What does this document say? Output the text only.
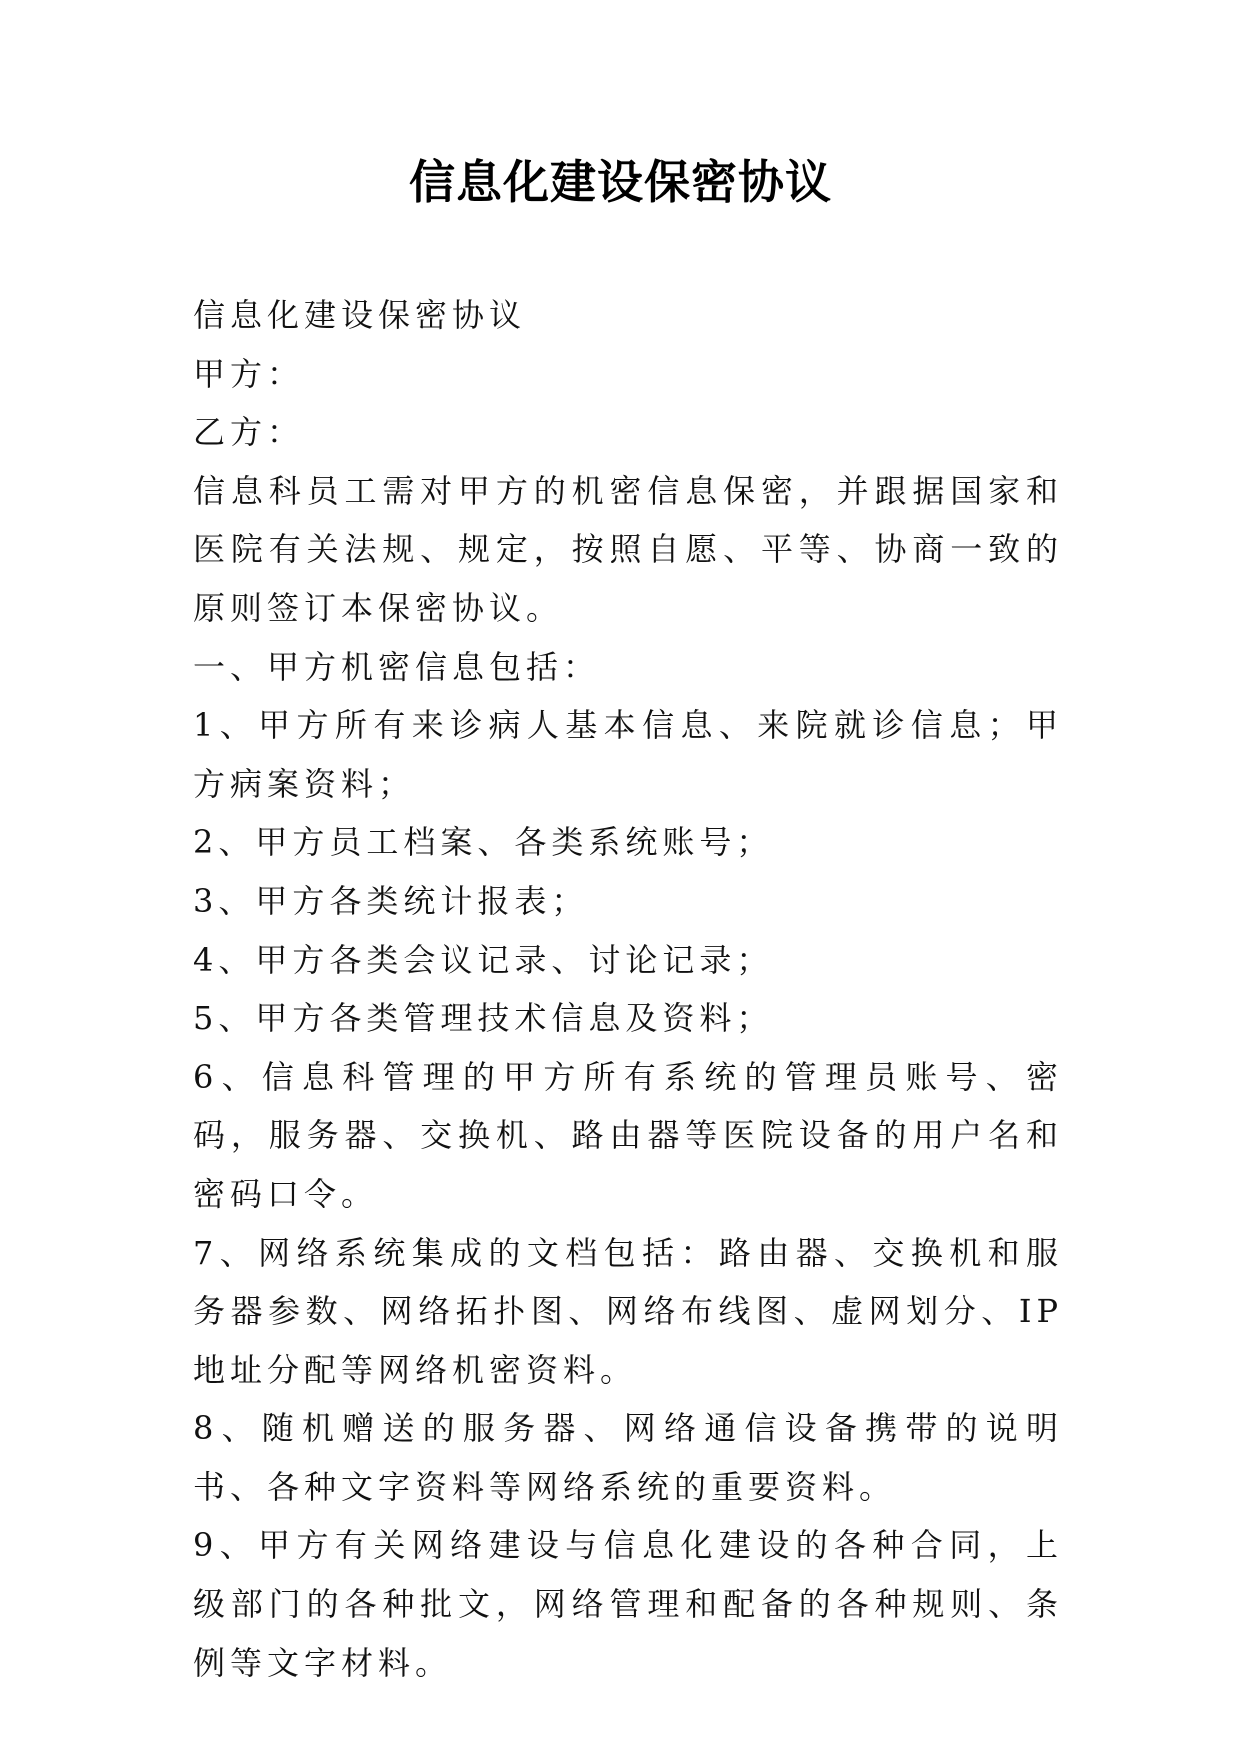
信息化建设保密协议

信息化建设保密协议

甲方：

乙方：

信息科员工需对甲方的机密信息保密，并跟据国家和医院有关法规、规定，按照自愿、平等、协商一致的原则签订本保密协议。

一、甲方机密信息包括：

1、甲方所有来诊病人基本信息、来院就诊信息；甲方病案资料；

2、甲方员工档案、各类系统账号；

3、甲方各类统计报表；

4、甲方各类会议记录、讨论记录；

5、甲方各类管理技术信息及资料；

6、信息科管理的甲方所有系统的管理员账号、密码，服务器、交换机、路由器等医院设备的用户名和密码口令。

7、网络系统集成的文档包括：路由器、交换机和服务器参数、网络拓扑图、网络布线图、虚网划分、IP 地址分配等网络机密资料。

8、随机赠送的服务器、网络通信设备携带的说明书、各种文字资料等网络系统的重要资料。

9、甲方有关网络建设与信息化建设的各种合同，上级部门的各种批文，网络管理和配备的各种规则、条例等文字材料。
